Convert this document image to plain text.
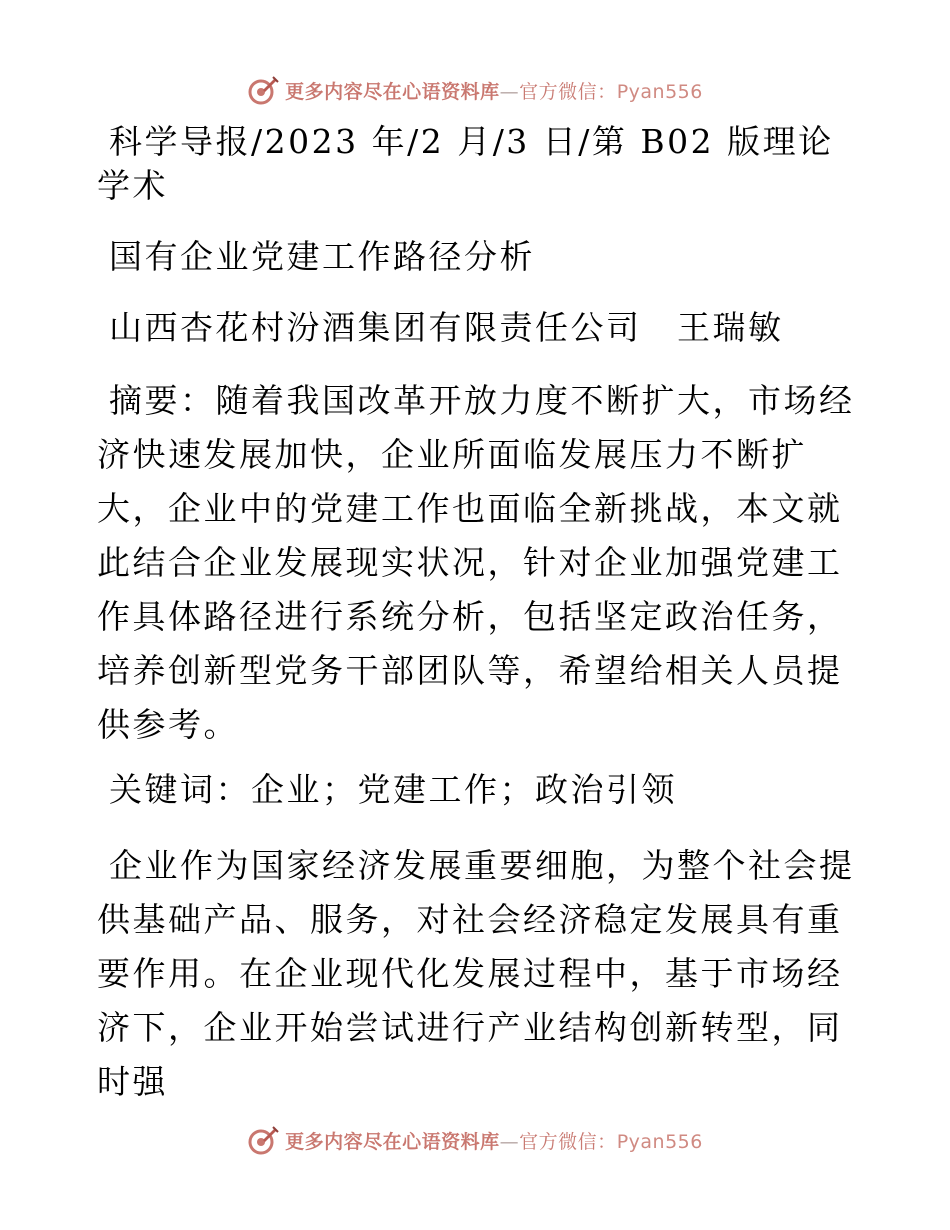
更多内容尽在心语资料库—官方微信：Pyan556

科学导报/2023 年/2 月/3 日/第 B02 版理论学术

国有企业党建工作路径分析

山西杏花村汾酒集团有限责任公司　王瑞敏

摘要：随着我国改革开放力度不断扩大，市场经济快速发展加快，企业所面临发展压力不断扩大，企业中的党建工作也面临全新挑战，本文就此结合企业发展现实状况，针对企业加强党建工作具体路径进行系统分析，包括坚定政治任务，培养创新型党务干部团队等，希望给相关人员提供参考。

关键词：企业；党建工作；政治引领

企业作为国家经济发展重要细胞，为整个社会提供基础产品、服务，对社会经济稳定发展具有重要作用。在企业现代化发展过程中，基于市场经济下，企业开始尝试进行产业结构创新转型，同时强

更多内容尽在心语资料库—官方微信：Pyan556
